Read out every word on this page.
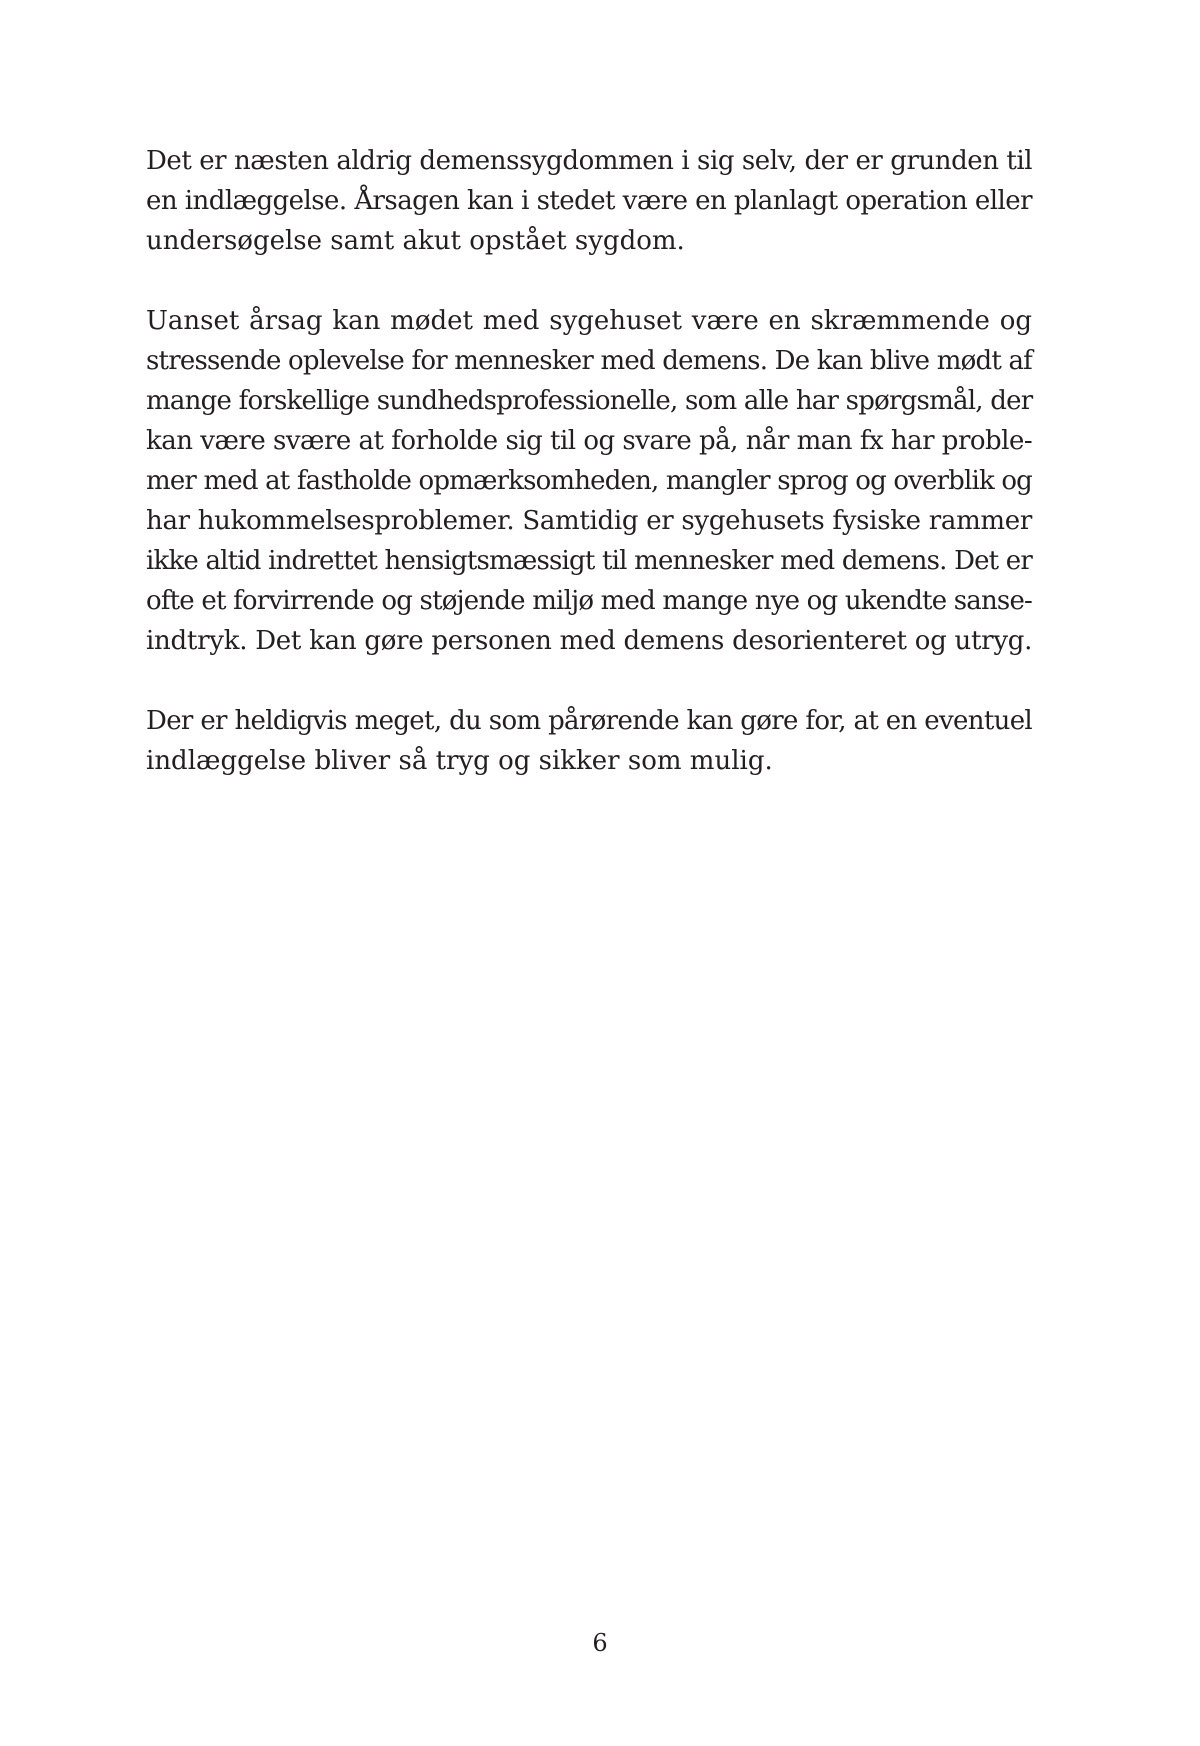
Det er næsten aldrig demenssygdommen i sig selv, der er grunden til
en indlæggelse. Årsagen kan i stedet være en planlagt operation eller
undersøgelse samt akut opstået sygdom.

Uanset årsag kan mødet med sygehuset være en skræmmende og
stressende oplevelse for mennesker med demens. De kan blive mødt af
mange forskellige sundhedsprofessionelle, som alle har spørgsmål, der
kan være svære at forholde sig til og svare på, når man fx har proble-
mer med at fastholde opmærksomheden, mangler sprog og overblik og
har hukommelsesproblemer. Samtidig er sygehusets fysiske rammer
ikke altid indrettet hensigtsmæssigt til mennesker med demens. Det er
ofte et forvirrende og støjende miljø med mange nye og ukendte sanse-
indtryk. Det kan gøre personen med demens desorienteret og utryg.

Der er heldigvis meget, du som pårørende kan gøre for, at en eventuel
indlæggelse bliver så tryg og sikker som mulig.

6
